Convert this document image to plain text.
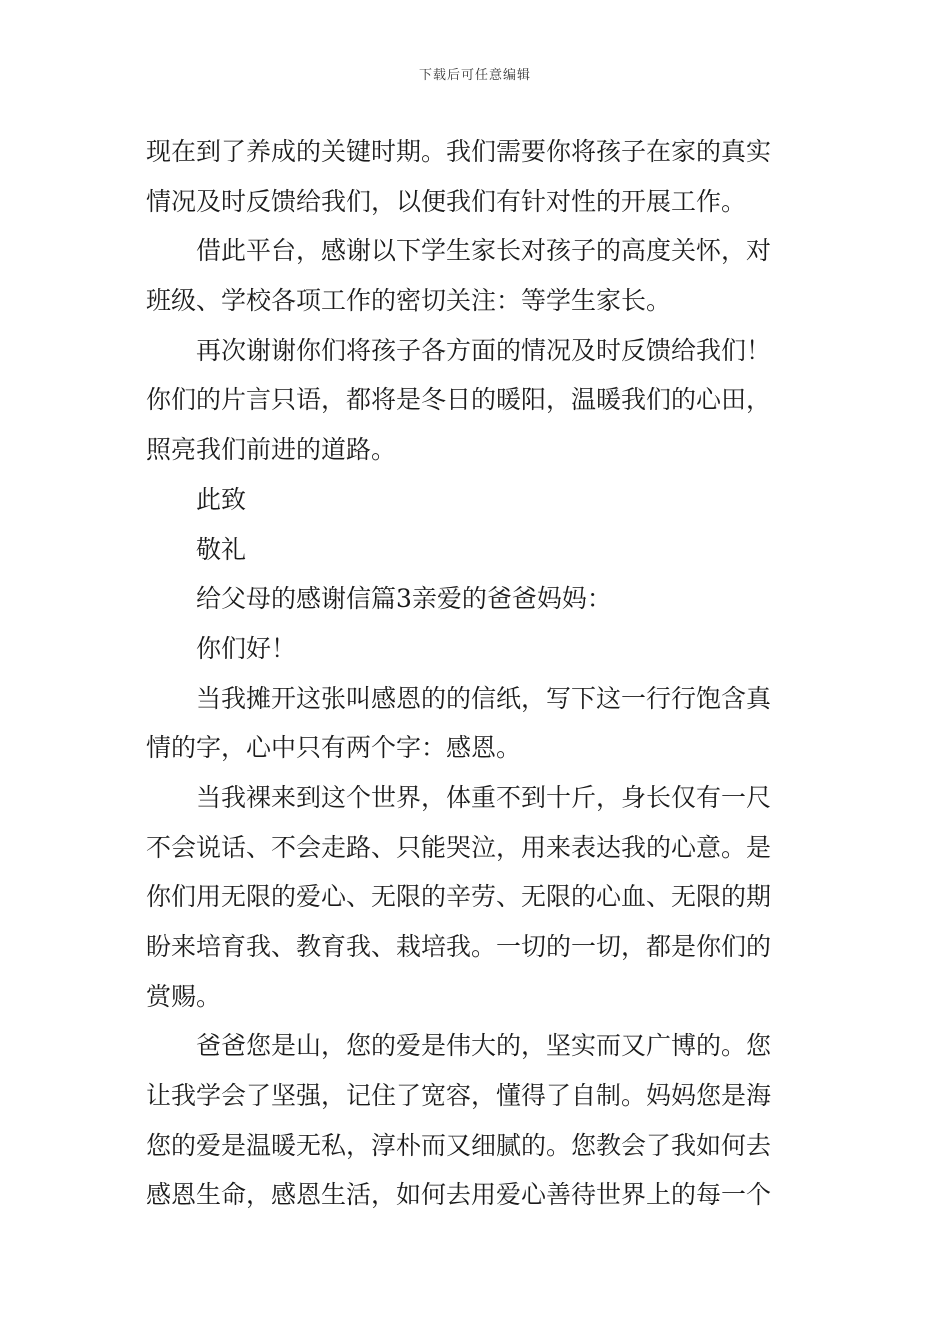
下载后可任意编辑
现在到了养成的关键时期。我们需要你将孩子在家的真实
情况及时反馈给我们，以便我们有针对性的开展工作。
借此平台，感谢以下学生家长对孩子的高度关怀，对
班级、学校各项工作的密切关注：等学生家长。
再次谢谢你们将孩子各方面的情况及时反馈给我们！
你们的片言只语，都将是冬日的暖阳，温暖我们的心田，
照亮我们前进的道路。
此致
敬礼
给父母的感谢信篇3亲爱的爸爸妈妈：
你们好！
当我摊开这张叫感恩的的信纸，写下这一行行饱含真
情的字，心中只有两个字：感恩。
当我裸来到这个世界，体重不到十斤，身长仅有一尺
不会说话、不会走路、只能哭泣，用来表达我的心意。是
你们用无限的爱心、无限的辛劳、无限的心血、无限的期
盼来培育我、教育我、栽培我。一切的一切，都是你们的
赏赐。
爸爸您是山，您的爱是伟大的，坚实而又广博的。您
让我学会了坚强，记住了宽容，懂得了自制。妈妈您是海
您的爱是温暖无私，淳朴而又细腻的。您教会了我如何去
感恩生命，感恩生活，如何去用爱心善待世界上的每一个
